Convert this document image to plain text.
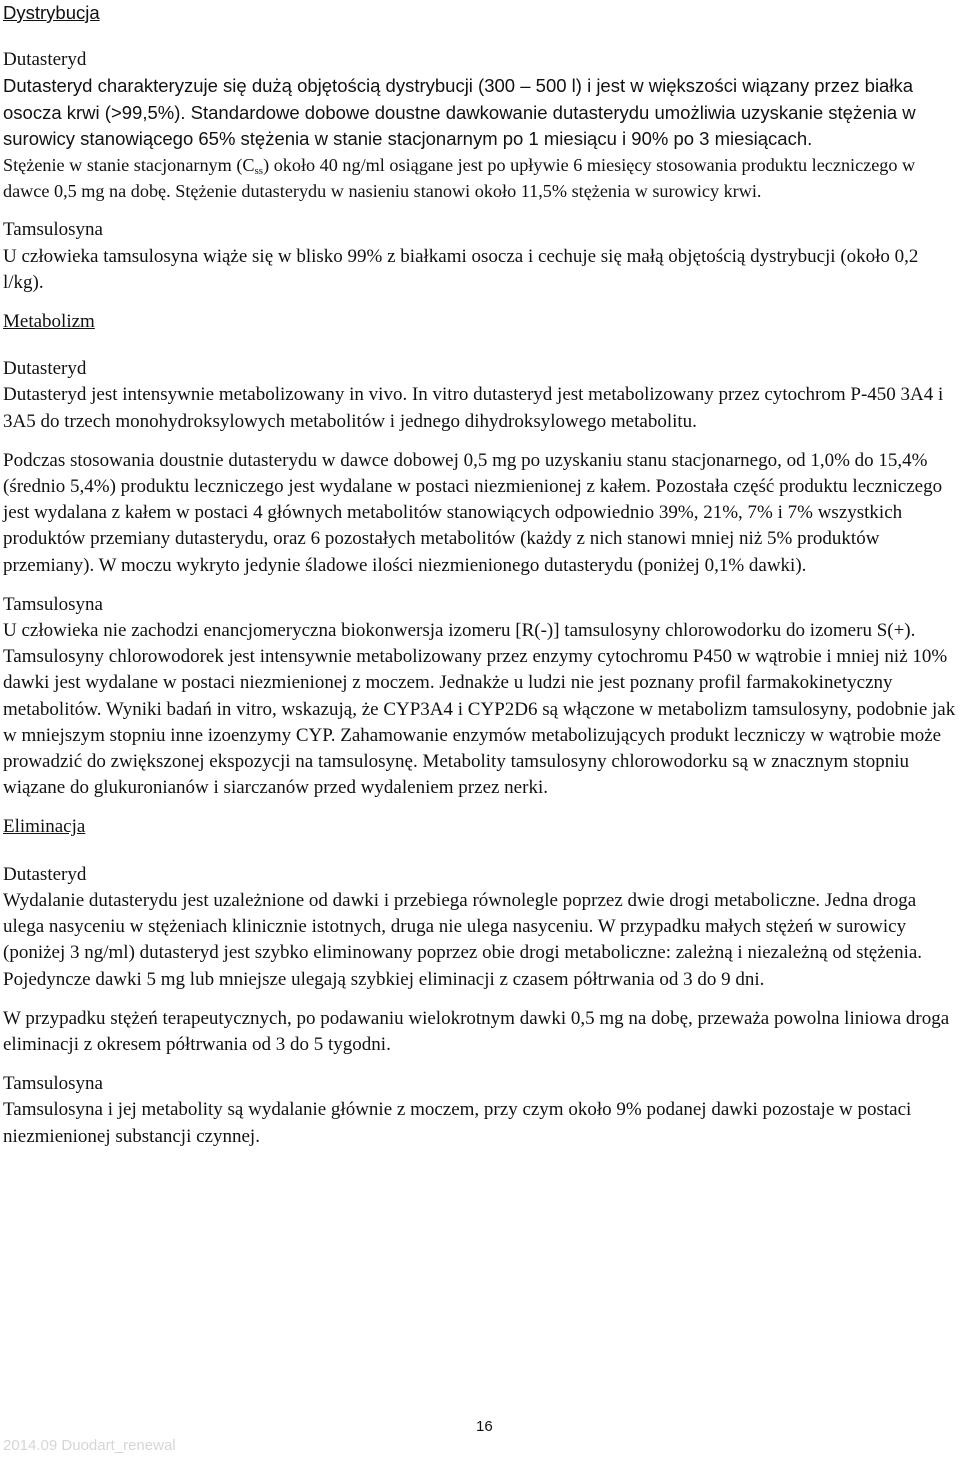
Dystrybucja

Dutasteryd

Dutasteryd charakteryzuje się dużą objętością dystrybucji (300 – 500 l) i jest w większości wiązany przez białka osocza krwi (>99,5%). Standardowe dobowe doustne dawkowanie dutasterydu umożliwia uzyskanie stężenia w surowicy stanowiącego 65% stężenia w stanie stacjonarnym po 1 miesiącu i 90% po 3 miesiącach.

Stężenie w stanie stacjonarnym $(C_{ss})$ około 40 ng/ml osiągane jest po upływie 6 miesięcy stosowania produktu leczniczego w dawce 0,5 mg na dobę. Stężenie dutasterydu w nasieniu stanowi około 11,5% stężenia w surowicy krwi.

Tamsulosyna

U człowieka tamsulosyna wiąże się w blisko 99% z białkami osocza i cechuje się małą objętością dystrybucji (około 0,2 l/kg).

Metabolizm

Dutasteryd

Dutasteryd jest intensywnie metabolizowany in vivo. In vitro dutasteryd jest metabolizowany przez cytochrom P-450 3A4 i 3A5 do trzech monohydroksylowych metabolitów i jednego dihydroksylowego metabolitu.

Podczas stosowania doustnie dutasterydu w dawce dobowej 0,5 mg po uzyskaniu stanu stacjonarnego, od 1,0% do 15,4% (średnio 5,4%) produktu leczniczego jest wydalane w postaci niezmienionej z kałem. Pozostała część produktu leczniczego jest wydalana z kałem w postaci 4 głównych metabolitów stanowiących odpowiednio 39%, 21%, 7% i 7% wszystkich produktów przemiany dutasterydu, oraz 6 pozostałych metabolitów (każdy z nich stanowi mniej niż 5% produktów przemiany). W moczu wykryto jedynie śladowe ilości niezmienionego dutasterydu (poniżej 0,1% dawki).

Tamsulosyna

U człowieka nie zachodzi enancjomeryczna biokonwersja izomeru [R(-)] tamsulosyny chlorowodorku do izomeru S(+). Tamsulosyny chlorowodorek jest intensywnie metabolizowany przez enzymy cytochromu P450 w wątrobie i mniej niż 10% dawki jest wydalane w postaci niezmienionej z moczem. Jednakże u ludzi nie jest poznany profil farmakokinetyczny metabolitów. Wyniki badań in vitro, wskazują, że CYP3A4 i CYP2D6 są włączone w metabolizm tamsulosyny, podobnie jak w mniejszym stopniu inne izoenzymy CYP. Zahamowanie enzymów metabolizujących produkt leczniczy w wątrobie może prowadzić do zwiększonej ekspozycji na tamsulosynę. Metabolity tamsulosyny chlorowodorku są w znacznym stopniu wiązane do glukuronianów i siarczanów przed wydaleniem przez nerki.

Eliminacja

Dutasteryd

Wydalanie dutasterydu jest uzależnione od dawki i przebiega równolegle poprzez dwie drogi metaboliczne. Jedna droga ulega nasyceniu w stężeniach klinicznie istotnych, druga nie ulega nasyceniu. W przypadku małych stężeń w surowicy (poniżej 3 ng/ml) dutasteryd jest szybko eliminowany poprzez obie drogi metaboliczne: zależną i niezależną od stężenia. Pojedyncze dawki 5 mg lub mniejsze ulegają szybkiej eliminacji z czasem półtrwania od 3 do 9 dni.

W przypadku stężeń terapeutycznych, po podawaniu wielokrotnym dawki 0,5 mg na dobę, przeważa powolna liniowa droga eliminacji z okresem półtrwania od 3 do 5 tygodni.

Tamsulosyna

Tamsulosyna i jej metabolity są wydalanie głównie z moczem, przy czym około 9% podanej dawki pozostaje w postaci niezmienionej substancji czynnej.

16
2014.09 Duodart_renewal
